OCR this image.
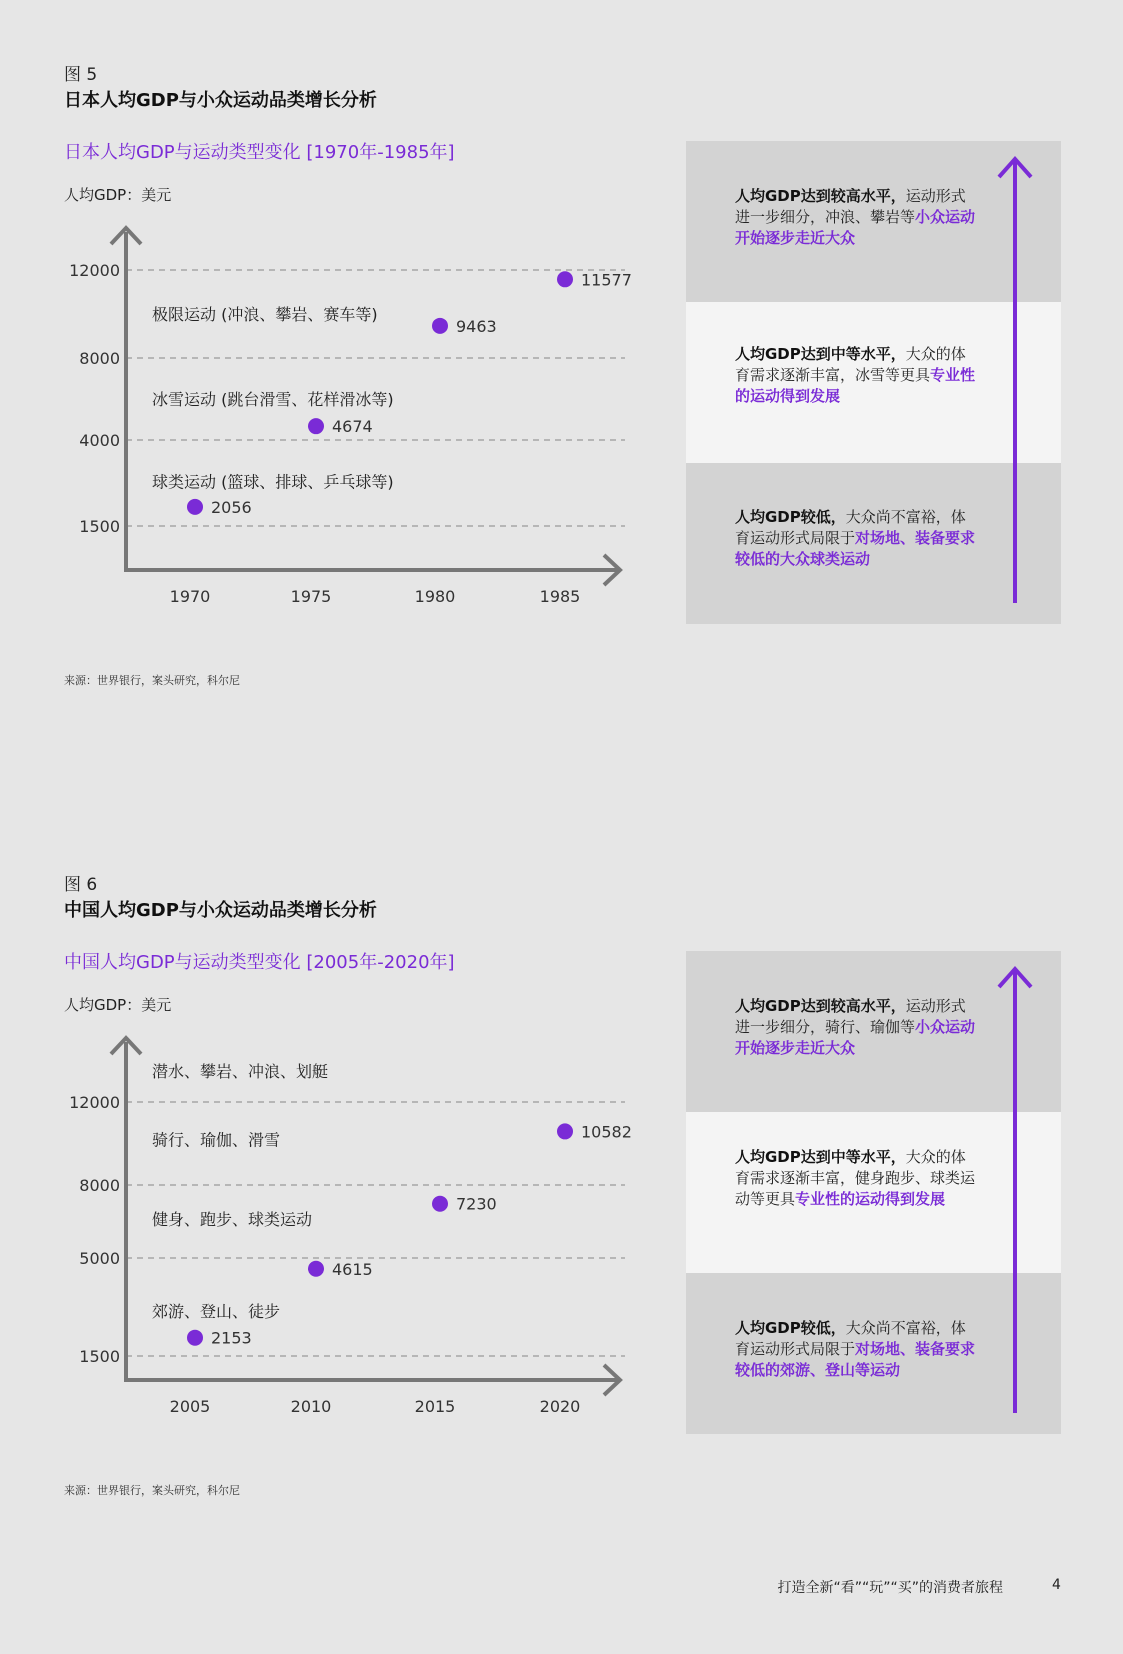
图 5
日本人均GDP与小众运动品类增长分析
日本人均GDP与运动类型变化 [1970年-1985年]
人均GDP：美元
1500
4000
8000
12000
1970	1975	1980	1985
极限运动 (冲浪、攀岩、赛车等)
冰雪运动 (跳台滑雪、花样滑冰等)
球类运动 (篮球、排球、乒乓球等)
2056
4674
9463
11577
人均GDP达到较高水平，运动形式进一步细分，冲浪、攀岩等小众运动开始逐步走近大众
人均GDP达到中等水平，大众的体育需求逐渐丰富，冰雪等更具专业性的运动得到发展
人均GDP较低，大众尚不富裕，体育运动形式局限于对场地、装备要求较低的大众球类运动
来源：世界银行，案头研究，科尔尼
图 6
中国人均GDP与小众运动品类增长分析
中国人均GDP与运动类型变化 [2005年-2020年]
人均GDP：美元
1500
5000
8000
12000
2005	2010	2015	2020
潜水、攀岩、冲浪、划艇
骑行、瑜伽、滑雪
健身、跑步、球类运动
郊游、登山、徒步
2153
4615
7230
10582
人均GDP达到较高水平，运动形式进一步细分，骑行、瑜伽等小众运动开始逐步走近大众
人均GDP达到中等水平，大众的体育需求逐渐丰富，健身跑步、球类运动等更具专业性的运动得到发展
人均GDP较低，大众尚不富裕，体育运动形式局限于对场地、装备要求较低的郊游、登山等运动
来源：世界银行，案头研究，科尔尼
打造全新“看”“玩”“买”的消费者旅程	4
